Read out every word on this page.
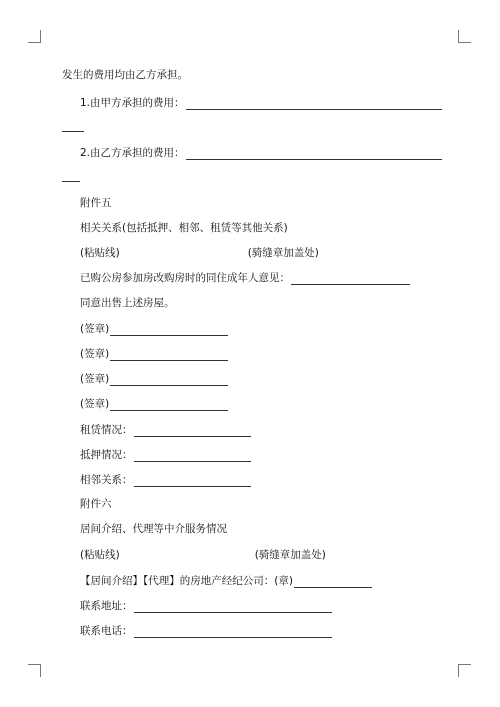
发生的费用均由乙方承担。
1.由甲方承担的费用：
2.由乙方承担的费用：
附件五
相关关系(包括抵押、相邻、租赁等其他关系)
(粘贴线)	(骑缝章加盖处)
已购公房参加房改购房时的同住成年人意见：
同意出售上述房屋。
(签章)
(签章)
(签章)
(签章)
租赁情况：
抵押情况：
相邻关系：
附件六
居间介绍、代理等中介服务情况
(粘贴线)	(骑缝章加盖处)
【居间介绍】【代理】的房地产经纪公司：(章)
联系地址：
联系电话：
